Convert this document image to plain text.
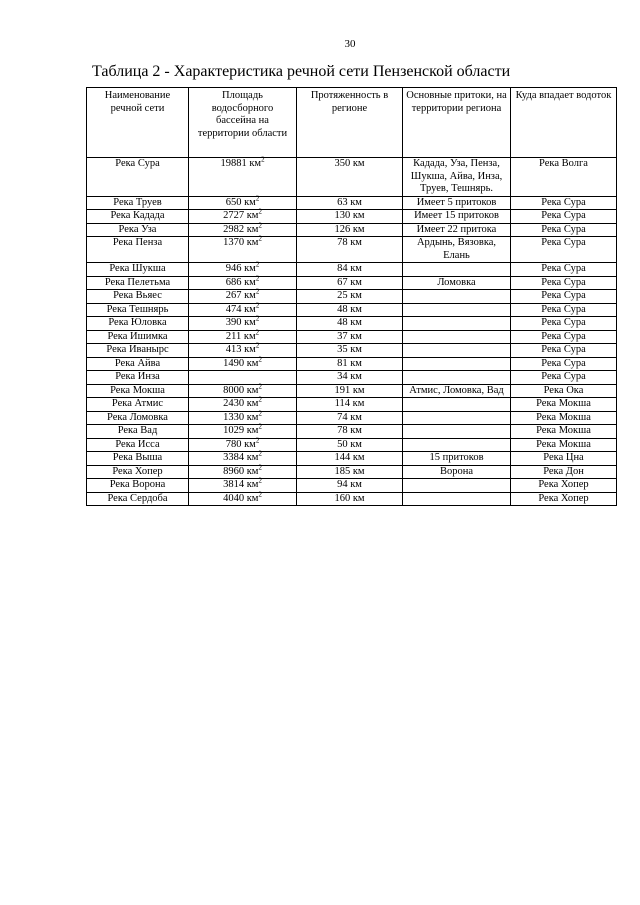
30
Таблица 2 - Характеристика речной сети Пензенской области
Наименование речной сети	Площадь водосборного бассейна на территории области	Протяженность в регионе	Основные притоки, на территории региона	Куда впадает водоток
Река Сура	19881 $км^2$	350 км	Кадада, Уза, Пенза, Шукша, Айва, Инза, Труев, Тешнярь.	Река Волга
Река Труев	650 $км^2$	63 км	Имеет 5 притоков	Река Сура
Река Кадада	2727 $км^2$	130 км	Имеет 15 притоков	Река Сура
Река Уза	2982 $км^2$	126 км	Имеет 22 притока	Река Сура
Река Пенза	1370 $км^2$	78 км	Ардынь, Вязовка, Елань	Река Сура
Река Шукша	946 $км^2$	84 км		Река Сура
Река Пелетьма	686 $км^2$	67 км	Ломовка	Река Сура
Река Вьяес	267 $км^2$	25 км		Река Сура
Река Тешнярь	474 $км^2$	48 км		Река Сура
Река Юловка	390 $км^2$	48 км		Река Сура
Река Ишимка	211 $км^2$	37 км		Река Сура
Река Иванырс	413 $км^2$	35 км		Река Сура
Река Айва	1490 $км^2$	81 км		Река Сура
Река Инза		34 км		Река Сура
Река Мокша	8000 $км^2$	191 км	Атмис, Ломовка, Вад	Река Ока
Река Атмис	2430 $км^2$	114 км		Река Мокша
Река Ломовка	1330 $км^2$	74 км		Река Мокша
Река Вад	1029 $км^2$	78 км		Река Мокша
Река Исса	780 $км^2$	50 км		Река Мокша
Река Выша	3384 $км^2$	144 км	15 притоков	Река Цна
Река Хопер	8960 $км^2$	185 км	Ворона	Река Дон
Река Ворона	3814 $км^2$	94 км		Река Хопер
Река Сердоба	4040 $км^2$	160 км		Река Хопер
